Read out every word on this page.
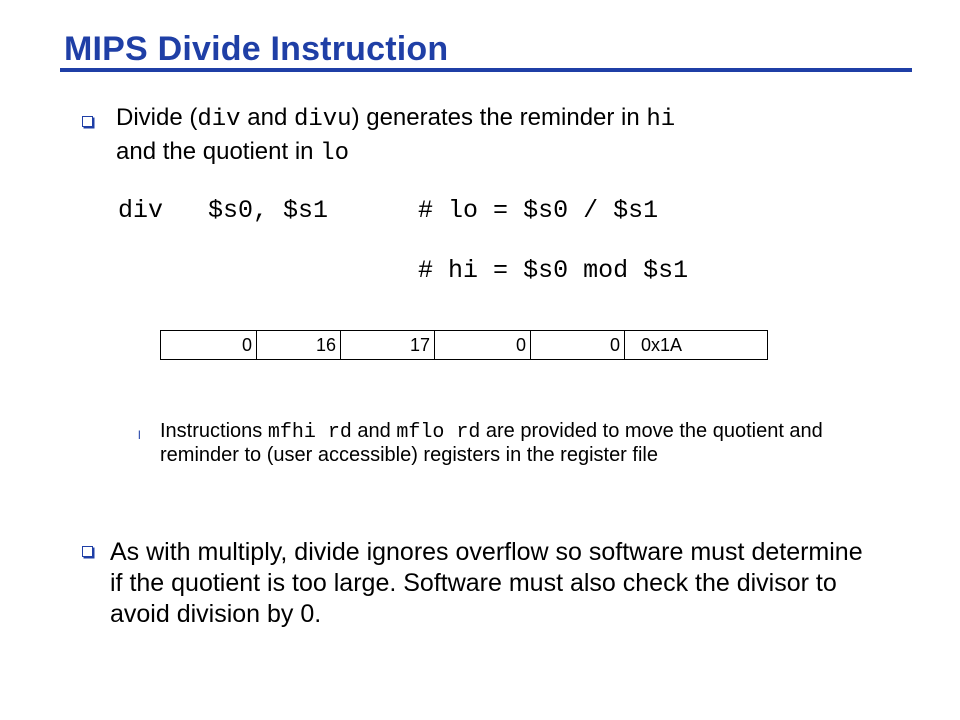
MIPS Divide Instruction
Divide (div and divu) generates the reminder in hi
and the quotient in lo
div   $s0, $s1      # lo = $s0 / $s1
# hi = $s0 mod $s1
0	16	17	0	0	0x1A
l Instructions mfhi rd and mflo rd are provided to move the quotient and reminder to (user accessible) registers in the register file
As with multiply, divide ignores overflow so software must determine if the quotient is too large. Software must also check the divisor to avoid division by 0.
